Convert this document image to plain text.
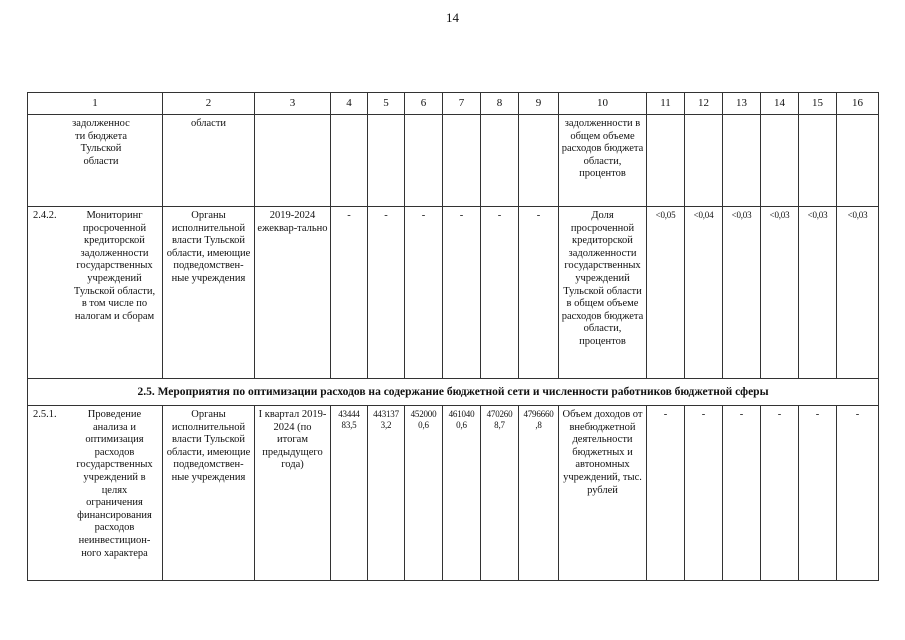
14
1	2	3	4	5	6	7	8	9	10	11	12	13	14	15	16
задолженности бюджета Тульской области	области								задолженности в общем объеме расходов бюджета области, процентов						

2.4.2. Мониторинг просроченной кредиторской задолженности государственных учреждений Тульской области, в том числе по налогам и сборам	Органы исполнительной власти Тульской области, имеющие подведомствен-ные учреждения	2019-2024 ежеквар-тально	-	-	-	-	-	-	Доля просроченной кредиторской задолженности государственных учреждений Тульской области в общем объеме расходов бюджета области, процентов	<0,05	<0,04	<0,03	<0,03	<0,03	<0,03
2.5. Мероприятия по оптимизации расходов на содержание бюджетной сети и численности работников бюджетной сферы															

2.5.1. Проведение анализа и оптимизация расходов государственных учреждений в целях ограничения финансирования расходов неинвестицион-ного характера	Органы исполнительной власти Тульской области, имеющие подведомствен-ные учреждения	I квартал 2019-2024 (по итогам предыдущего года)	43444 83,5	443137 3,2	452000 0,6	461040 0,6	470260 8,7	4796660 ,8	Объем доходов от внебюджетной деятельности бюджетных и автономных учреждений, тыс. рублей	-	-	-	-	-	-
